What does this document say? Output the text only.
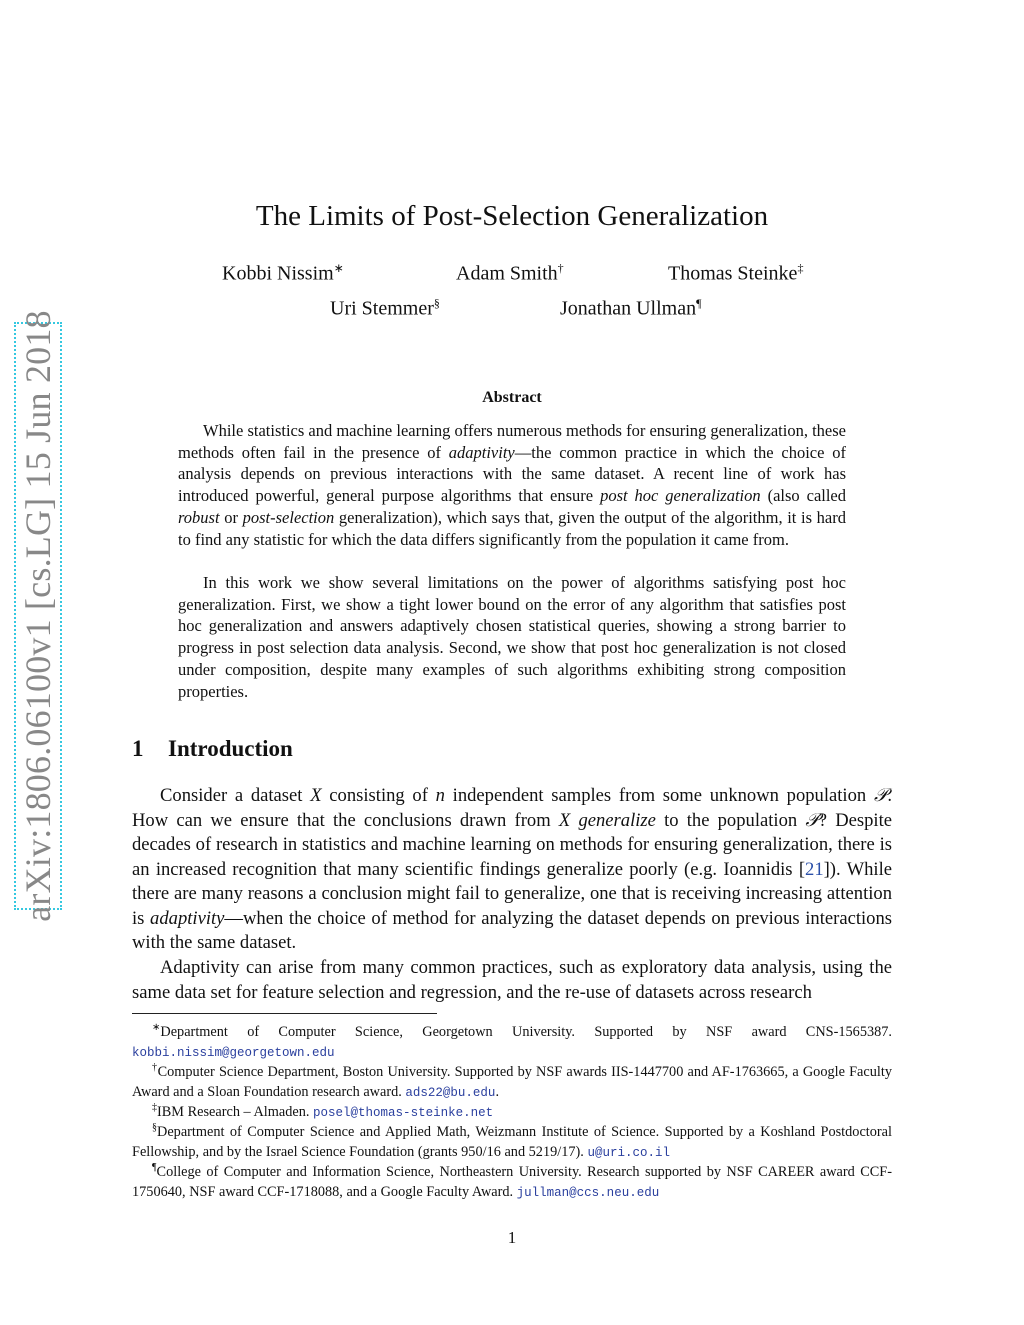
arXiv:1806.06100v1 [cs.LG] 15 Jun 2018
The Limits of Post-Selection Generalization
Kobbi Nissim∗	Adam Smith†	Thomas Steinke‡
Uri Stemmer§	Jonathan Ullman¶
Abstract

While statistics and machine learning offers numerous methods for ensuring generalization, these methods often fail in the presence of adaptivity—the common practice in which the choice of analysis depends on previous interactions with the same dataset. A recent line of work has introduced powerful, general purpose algorithms that ensure post hoc generalization (also called robust or post-selection generalization), which says that, given the output of the algorithm, it is hard to find any statistic for which the data differs significantly from the population it came from.

In this work we show several limitations on the power of algorithms satisfying post hoc generalization. First, we show a tight lower bound on the error of any algorithm that satisfies post hoc generalization and answers adaptively chosen statistical queries, showing a strong barrier to progress in post selection data analysis. Second, we show that post hoc generalization is not closed under composition, despite many examples of such algorithms exhibiting strong composition properties.

1 Introduction

Consider a dataset X consisting of n independent samples from some unknown population 𝒫. How can we ensure that the conclusions drawn from X generalize to the population 𝒫? Despite decades of research in statistics and machine learning on methods for ensuring generalization, there is an increased recognition that many scientific findings generalize poorly (e.g. Ioannidis [21]). While there are many reasons a conclusion might fail to generalize, one that is receiving increasing attention is adaptivity—when the choice of method for analyzing the dataset depends on previous interactions with the same dataset.

Adaptivity can arise from many common practices, such as exploratory data analysis, using the same data set for feature selection and regression, and the re-use of datasets across research

∗Department of Computer Science, Georgetown University. Supported by NSF award CNS-1565387. kobbi.nissim@georgetown.edu

†Computer Science Department, Boston University. Supported by NSF awards IIS-1447700 and AF-1763665, a Google Faculty Award and a Sloan Foundation research award. ads22@bu.edu.

‡IBM Research – Almaden. posel@thomas-steinke.net

§Department of Computer Science and Applied Math, Weizmann Institute of Science. Supported by a Koshland Postdoctoral Fellowship, and by the Israel Science Foundation (grants 950/16 and 5219/17). u@uri.co.il

¶College of Computer and Information Science, Northeastern University. Research supported by NSF CAREER award CCF-1750640, NSF award CCF-1718088, and a Google Faculty Award. jullman@ccs.neu.edu

1
